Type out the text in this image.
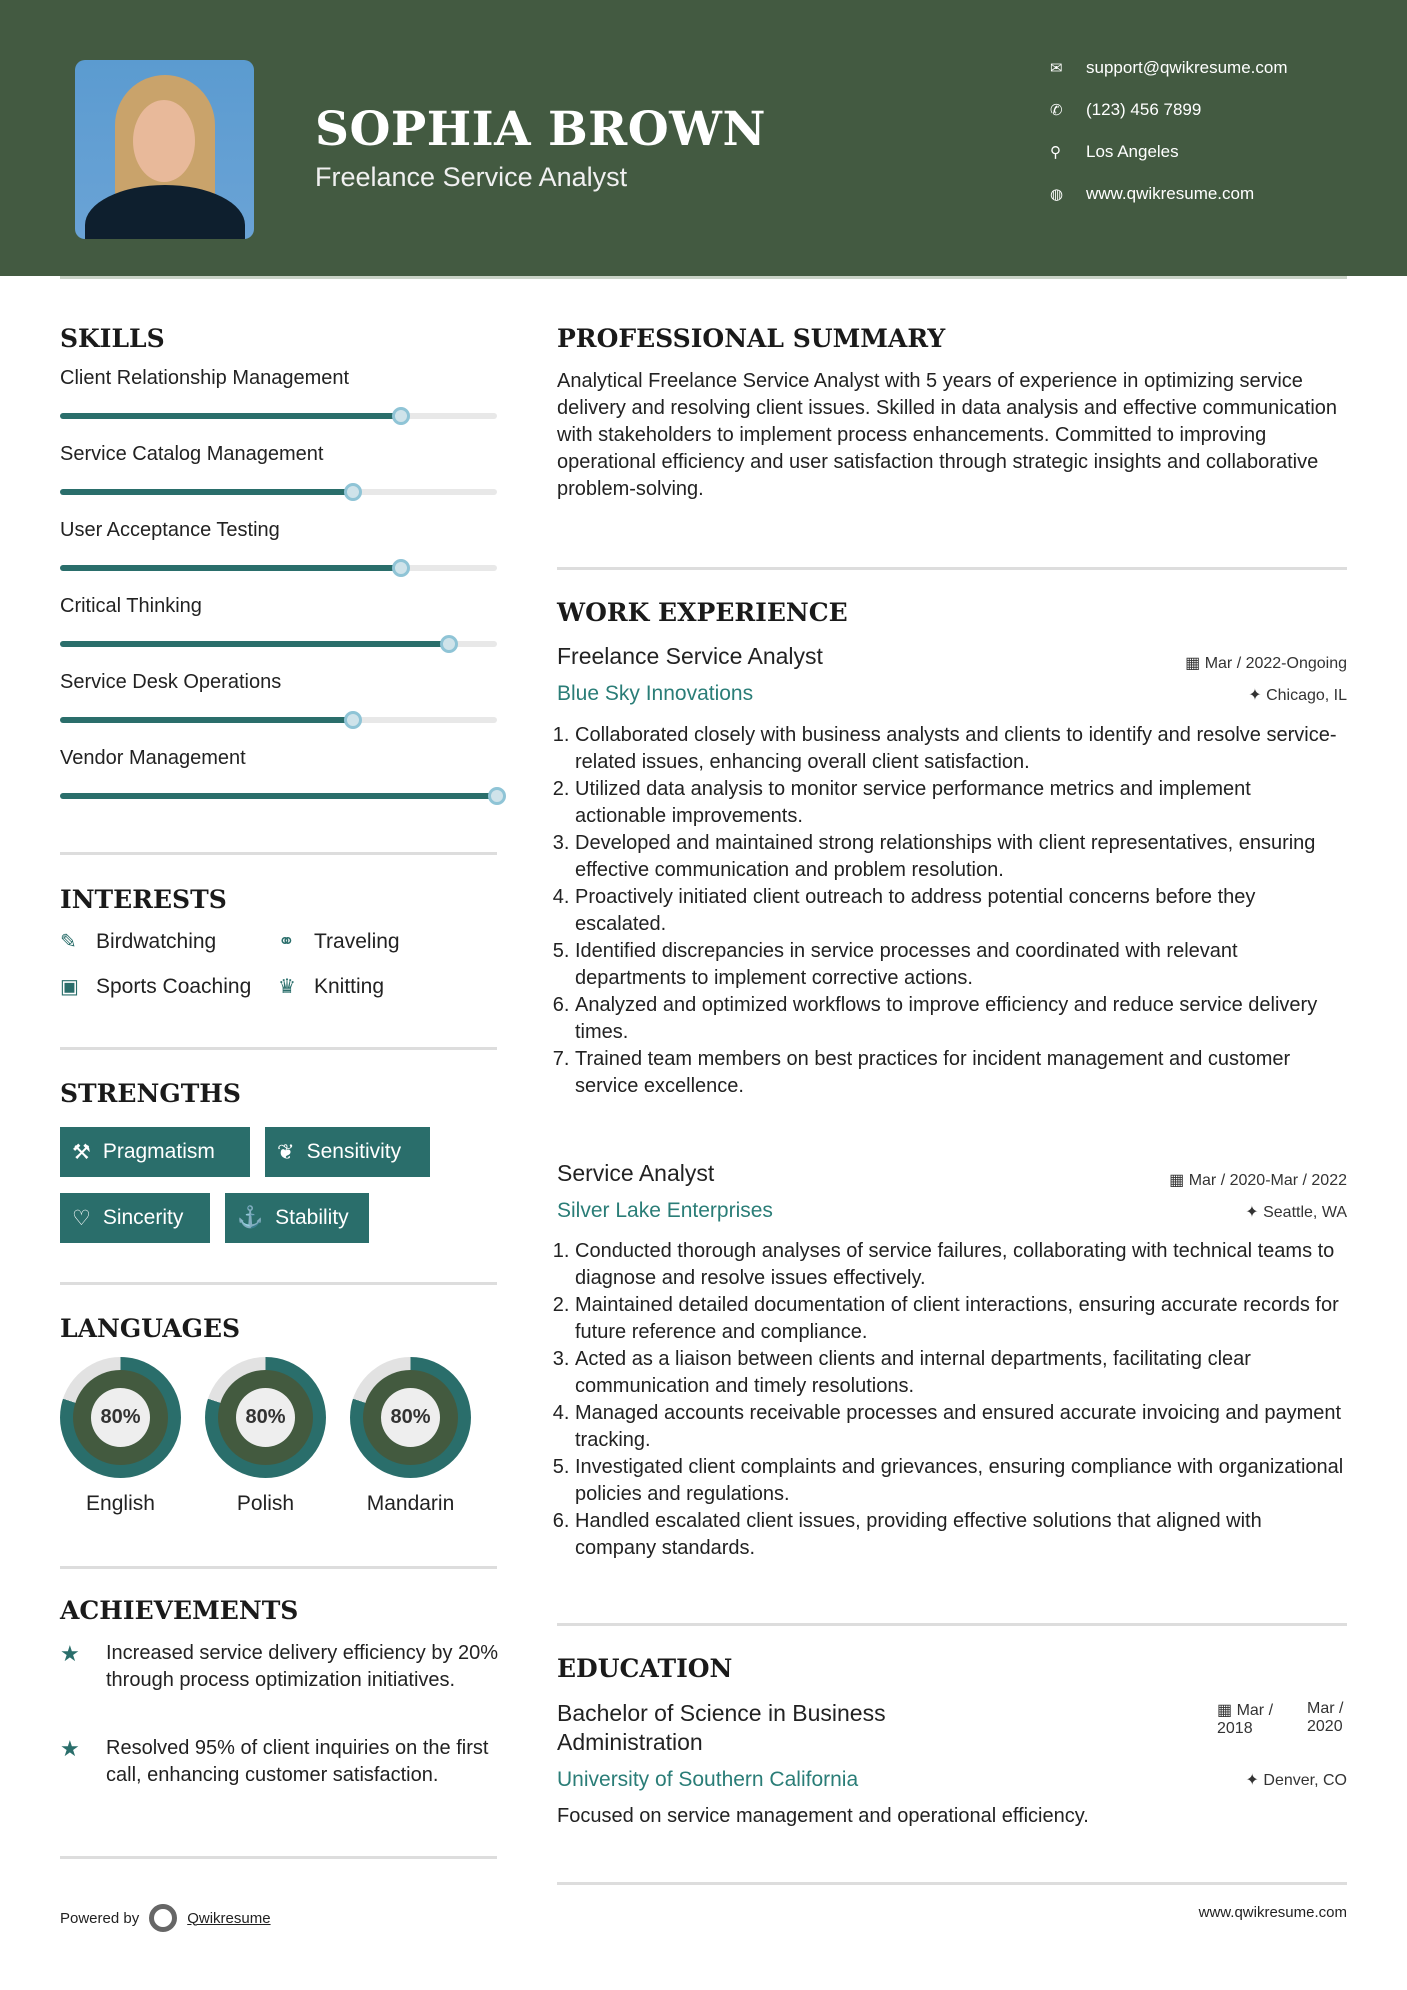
SOPHIA BROWN
Freelance Service Analyst
✉	support@qwikresume.com
✆	(123) 456 7899
⚲	Los Angeles
◍	www.qwikresume.com
SKILLS
Client Relationship Management
Service Catalog Management
User Acceptance Testing
Critical Thinking
Service Desk Operations
Vendor Management
INTERESTS
✎ Birdwatching	⚭ Traveling
▣ Sports Coaching ♛ Knitting
STRENGTHS
⚒ Pragmatism	❦ Sensitivity
♡ Sincerity	⚓ Stability
LANGUAGES
80%
English
80%
Polish
80%
Mandarin
ACHIEVEMENTS
★	Increased service delivery efficiency by 20% through process optimization initiatives.
★	Resolved 95% of client inquiries on the first call, enhancing customer satisfaction.
PROFESSIONAL SUMMARY
Analytical Freelance Service Analyst with 5 years of experience in optimizing service delivery and resolving client issues. Skilled in data analysis and effective communication with stakeholders to implement process enhancements. Committed to improving operational efficiency and user satisfaction through strategic insights and collaborative problem-solving.
WORK EXPERIENCE
Freelance Service Analyst	▦ Mar / 2022-Ongoing
Blue Sky Innovations	✦ Chicago, IL
1. Collaborated closely with business analysts and clients to identify and resolve service-related issues, enhancing overall client satisfaction.
2. Utilized data analysis to monitor service performance metrics and implement actionable improvements.
3. Developed and maintained strong relationships with client representatives, ensuring effective communication and problem resolution.
4. Proactively initiated client outreach to address potential concerns before they escalated.
5. Identified discrepancies in service processes and coordinated with relevant departments to implement corrective actions.
6. Analyzed and optimized workflows to improve efficiency and reduce service delivery times.
7. Trained team members on best practices for incident management and customer service excellence.
Service Analyst	▦ Mar / 2020-Mar / 2022
Silver Lake Enterprises	✦ Seattle, WA
1. Conducted thorough analyses of service failures, collaborating with technical teams to diagnose and resolve issues effectively.
2. Maintained detailed documentation of client interactions, ensuring accurate records for future reference and compliance.
3. Acted as a liaison between clients and internal departments, facilitating clear communication and timely resolutions.
4. Managed accounts receivable processes and ensured accurate invoicing and payment tracking.
5. Investigated client complaints and grievances, ensuring compliance with organizational policies and regulations.
6. Handled escalated client issues, providing effective solutions that aligned with company standards.
EDUCATION
Bachelor of Science in Business Administration
▦ Mar / 2018
Mar / 2020
University of Southern California	✦ Denver, CO
Focused on service management and operational efficiency.
Powered by	Qwikresume	www.qwikresume.com
